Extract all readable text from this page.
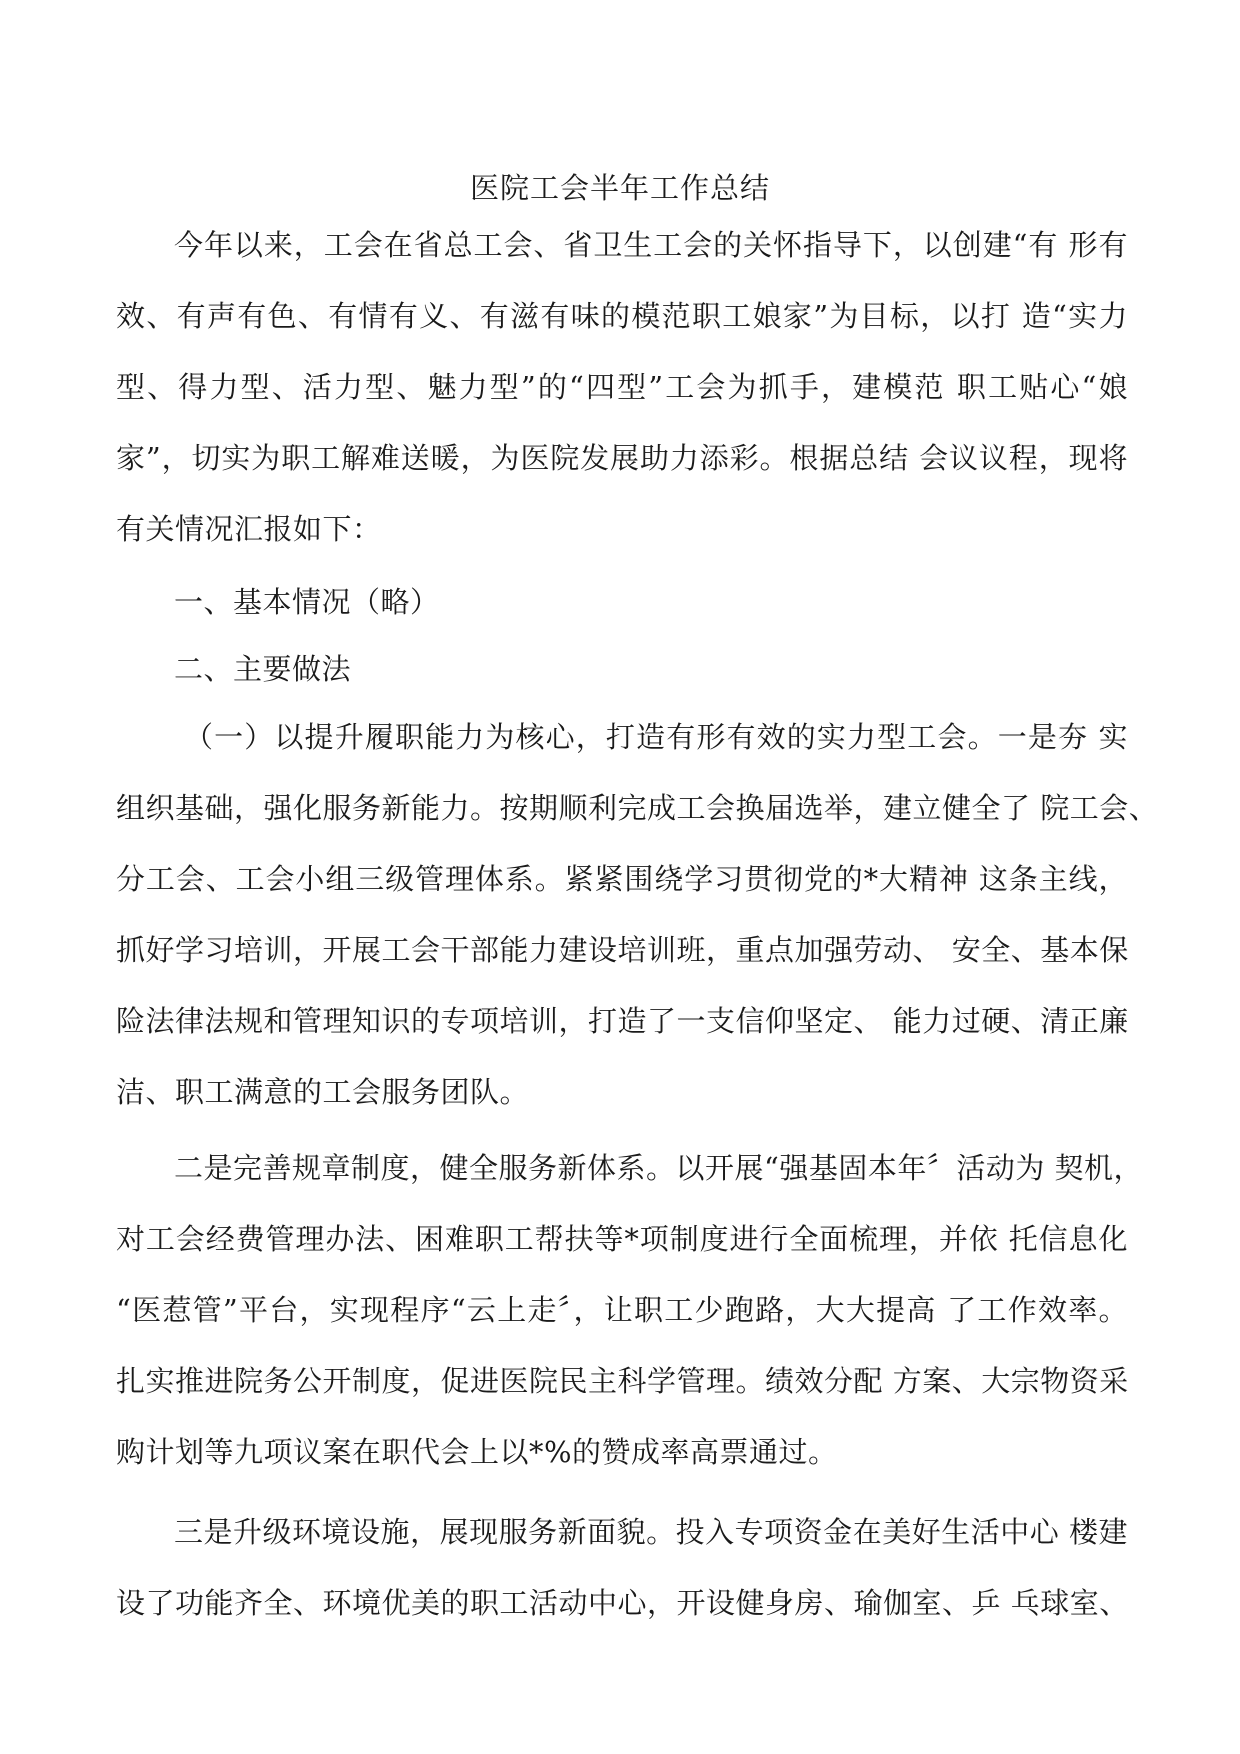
医院工会半年工作总结

今年以来，工会在省总工会、省卫生工会的关怀指导下，以创建“有 形有

效、有声有色、有情有义、有滋有味的模范职工娘家”为目标，以打 造“实力

型、得力型、活力型、魅力型”的“四型”工会为抓手，建模范 职工贴心“娘

家”，切实为职工解难送暖，为医院发展助力添彩。根据总结 会议议程，现将

有关情况汇报如下：

一、基本情况（略）

二、主要做法

（一）以提升履职能力为核心，打造有形有效的实力型工会。一是夯 实

组织基础，强化服务新能力。按期顺利完成工会换届选举，建立健全了 院工会、

分工会、工会小组三级管理体系。紧紧围绕学习贯彻党的*大精神 这条主线，

抓好学习培训，开展工会干部能力建设培训班，重点加强劳动、 安全、基本保

险法律法规和管理知识的专项培训，打造了一支信仰坚定、 能力过硬、清正廉

洁、职工满意的工会服务团队。

二是完善规章制度，健全服务新体系。以开展“强基固本年〞活动为 契机，

对工会经费管理办法、困难职工帮扶等*项制度进行全面梳理，并依 托信息化

“医惹管”平台，实现程序“云上走〞，让职工少跑路，大大提高 了工作效率。

扎实推进院务公开制度，促进医院民主科学管理。绩效分配 方案、大宗物资采

购计划等九项议案在职代会上以*%的赞成率高票通过。

三是升级环境设施，展现服务新面貌。投入专项资金在美好生活中心 楼建

设了功能齐全、环境优美的职工活动中心，开设健身房、瑜伽室、乒 乓球室、
